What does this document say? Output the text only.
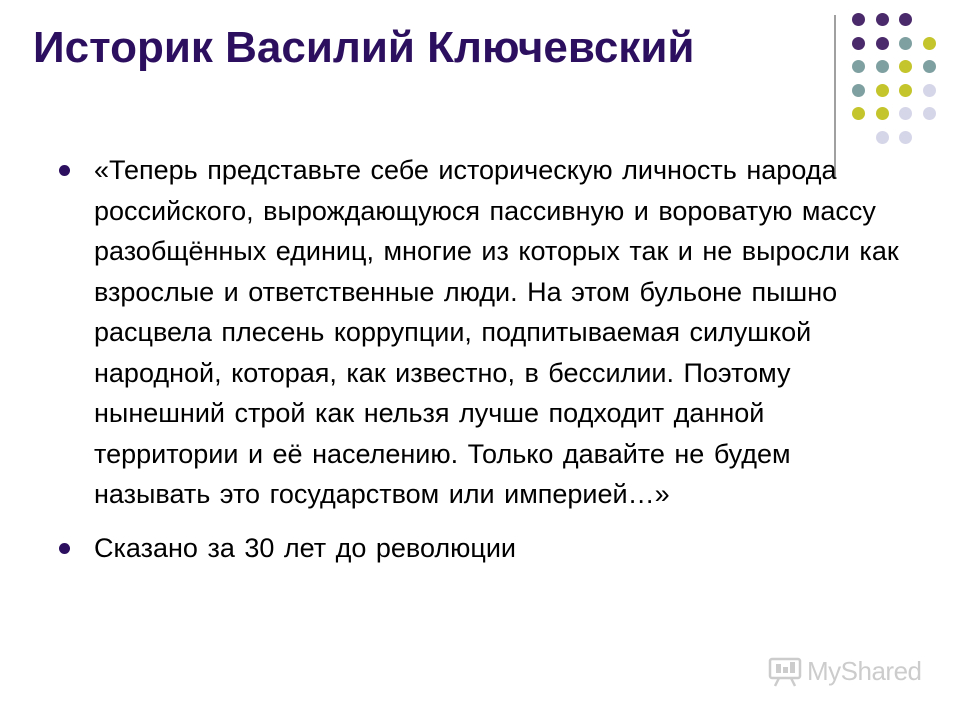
Историк Василий Ключевский
«Теперь представьте себе историческую личность народа российского, вырождающуюся пассивную и вороватую массу разобщённых единиц, многие из которых так и не выросли как взрослые и ответственные люди. На этом бульоне пышно расцвела плесень коррупции, подпитываемая силушкой народной, которая, как известно, в бессилии. Поэтому нынешний строй как нельзя лучше подходит данной территории и её населению. Только давайте не будем называть это государством или империей…»
Сказано за 30 лет до революции
MyShared
